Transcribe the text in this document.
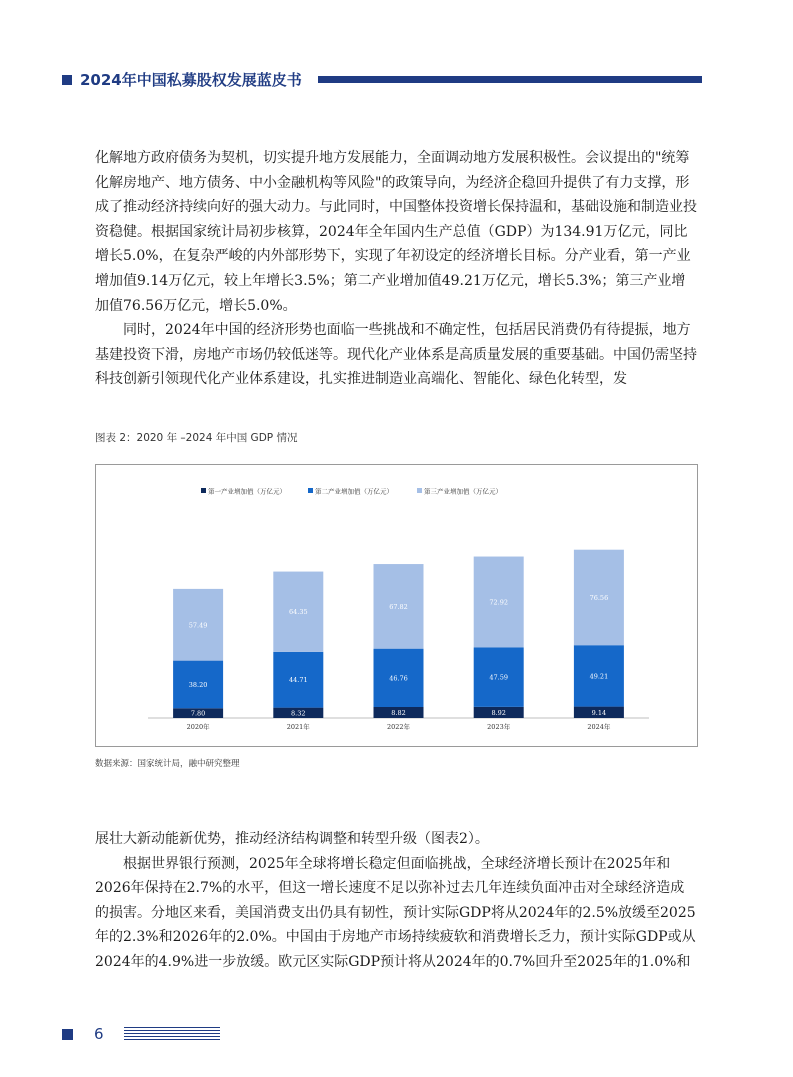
2024年中国私募股权发展蓝皮书

化解地方政府债务为契机，切实提升地方发展能力，全面调动地方发展积极性。会议提出的"统筹化解房地产、地方债务、中小金融机构等风险"的政策导向，为经济企稳回升提供了有力支撑，形成了推动经济持续向好的强大动力。与此同时，中国整体投资增长保持温和，基础设施和制造业投资稳健。根据国家统计局初步核算，2024年全年国内生产总值（GDP）为134.91万亿元，同比增长5.0%，在复杂严峻的内外部形势下，实现了年初设定的经济增长目标。分产业看，第一产业增加值9.14万亿元，较上年增长3.5%；第二产业增加值49.21万亿元，增长5.3%；第三产业增加值76.56万亿元，增长5.0%。

同时，2024年中国的经济形势也面临一些挑战和不确定性，包括居民消费仍有待提振，地方基建投资下滑，房地产市场仍较低迷等。现代化产业体系是高质量发展的重要基础。中国仍需坚持科技创新引领现代化产业体系建设，扎实推进制造业高端化、智能化、绿色化转型，发

图表 2：2020 年 –2024 年中国 GDP 情况
第一产业增加值（万亿元）	第二产业增加值（万亿元）	第三产业增加值（万亿元）
7.80
38.20
57.49
2020年
8.32
44.71
64.35
2021年
8.82
46.76
67.82
2022年
8.92
47.59
72.92
2023年
9.14
49.21
76.56
2024年
数据来源：国家统计局，融中研究整理

展壮大新动能新优势，推动经济结构调整和转型升级（图表2）。

根据世界银行预测，2025年全球将增长稳定但面临挑战，全球经济增长预计在2025年和2026年保持在2.7%的水平，但这一增长速度不足以弥补过去几年连续负面冲击对全球经济造成的损害。分地区来看，美国消费支出仍具有韧性，预计实际GDP将从2024年的2.5%放缓至2025年的2.3%和2026年的2.0%。中国由于房地产市场持续疲软和消费增长乏力，预计实际GDP或从2024年的4.9%进一步放缓。欧元区实际GDP预计将从2024年的0.7%回升至2025年的1.0%和

6
